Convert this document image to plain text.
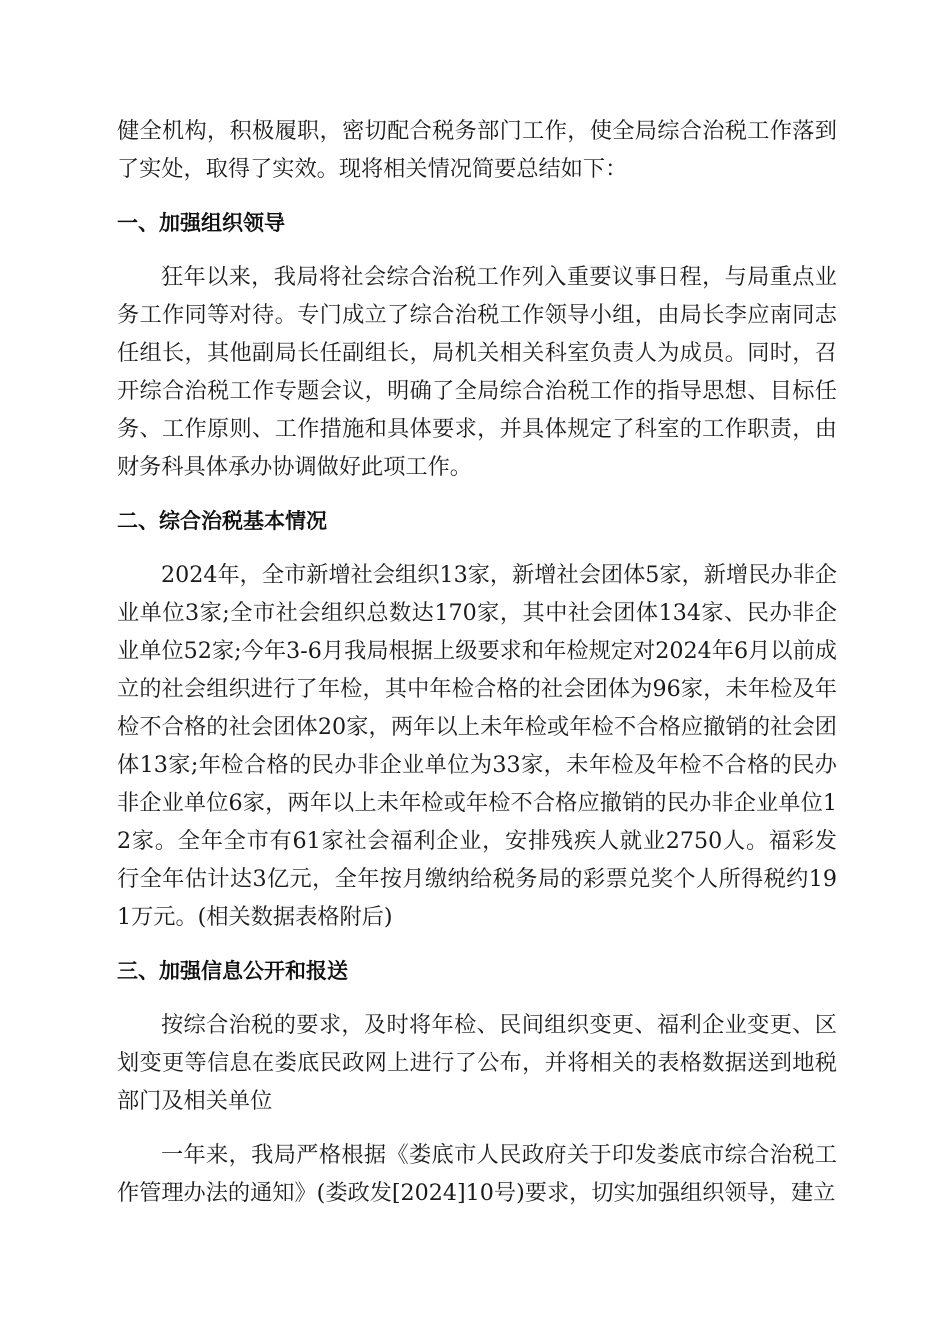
健全机构，积极履职，密切配合税务部门工作，使全局综合治税工作落到了实处，取得了实效。现将相关情况简要总结如下：

一、加强组织领导

狂年以来，我局将社会综合治税工作列入重要议事日程，与局重点业务工作同等对待。专门成立了综合治税工作领导小组，由局长李应南同志任组长，其他副局长任副组长，局机关相关科室负责人为成员。同时，召开综合治税工作专题会议，明确了全局综合治税工作的指导思想、目标任务、工作原则、工作措施和具体要求，并具体规定了科室的工作职责，由财务科具体承办协调做好此项工作。

二、综合治税基本情况

2024年，全市新增社会组织13家，新增社会团体5家，新增民办非企业单位3家;全市社会组织总数达170家，其中社会团体134家、民办非企业单位52家;今年3-6月我局根据上级要求和年检规定对2024年6月以前成立的社会组织进行了年检，其中年检合格的社会团体为96家，未年检及年检不合格的社会团体20家，两年以上未年检或年检不合格应撤销的社会团体13家;年检合格的民办非企业单位为33家，未年检及年检不合格的民办非企业单位6家，两年以上未年检或年检不合格应撤销的民办非企业单位12家。全年全市有61家社会福利企业，安排残疾人就业2750人。福彩发行全年估计达3亿元，全年按月缴纳给税务局的彩票兑奖个人所得税约191万元。(相关数据表格附后)

三、加强信息公开和报送

按综合治税的要求，及时将年检、民间组织变更、福利企业变更、区划变更等信息在娄底民政网上进行了公布，并将相关的表格数据送到地税部门及相关单位

一年来，我局严格根据《娄底市人民政府关于印发娄底市综合治税工作管理办法的通知》(娄政发[2024]10号)要求，切实加强组织领导，建立
